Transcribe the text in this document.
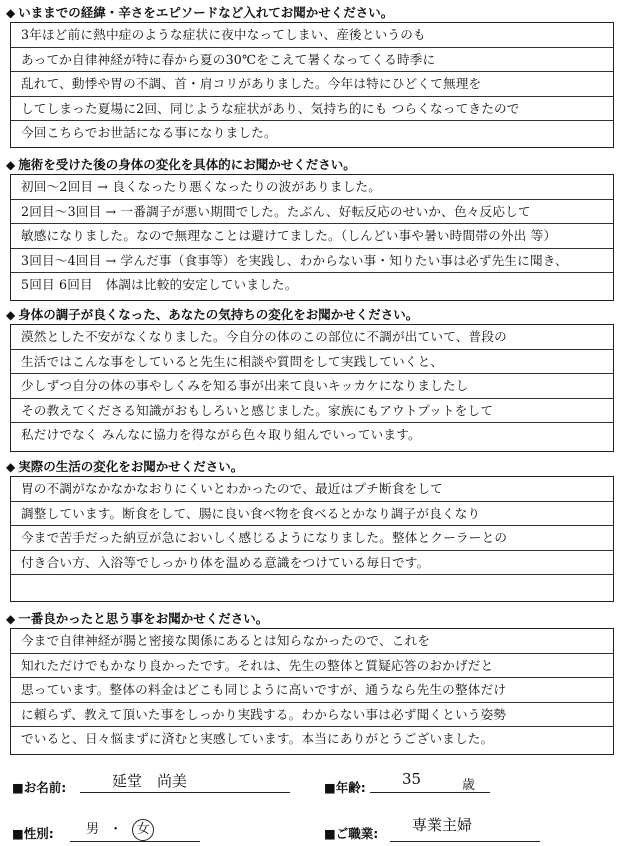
◆ いままでの経緯・辛さをエピソードなど入れてお聞かせください。
3年ほど前に熱中症のような症状に夜中なってしまい、産後というのも
あってか自律神経が特に春から夏の30℃をこえて暑くなってくる時季に
乱れて、動悸や胃の不調、首・肩コリがありました。今年は特にひどくて無理を
してしまった夏場に2回、同じような症状があり、気持ち的にも つらくなってきたので
今回こちらでお世話になる事になりました。
◆ 施術を受けた後の身体の変化を具体的にお聞かせください。
初回～2回目 → 良くなったり悪くなったりの波がありました。
2回目～3回目 → 一番調子が悪い期間でした。たぶん、好転反応のせいか、色々反応して
敏感になりました。なので無理なことは避けてました。（しんどい事や暑い時間帯の外出 等）
3回目～4回目 → 学んだ事（食事等）を実践し、わからない事・知りたい事は必ず先生に聞き、
5回目 6回目　体調は比較的安定していました。
◆ 身体の調子が良くなった、あなたの気持ちの変化をお聞かせください。
漠然とした不安がなくなりました。今自分の体のこの部位に不調が出ていて、普段の
生活ではこんな事をしていると先生に相談や質問をして実践していくと、
少しずつ自分の体の事やしくみを知る事が出来て良いキッカケになりましたし
その教えてくださる知識がおもしろいと感じました。家族にもアウトプットをして
私だけでなく みんなに協力を得ながら色々取り組んでいっています。
◆ 実際の生活の変化をお聞かせください。
胃の不調がなかなかなおりにくいとわかったので、最近はプチ断食をして
調整しています。断食をして、腸に良い食べ物を食べるとかなり調子が良くなり
今まで苦手だった納豆が急においしく感じるようになりました。整体とクーラーとの
付き合い方、入浴等でしっかり体を温める意識をつけている毎日です。
◆ 一番良かったと思う事をお聞かせください。
今まで自律神経が腸と密接な関係にあるとは知らなかったので、これを
知れただけでもかなり良かったです。それは、先生の整体と質疑応答のおかげだと
思っています。整体の料金はどこも同じように高いですが、通うなら先生の整体だけ
に頼らず、教えて頂いた事をしっかり実践する。わからない事は必ず聞くという姿勢
でいると、日々悩まずに済むと実感しています。本当にありがとうございました。
■お名前:	延堂　尚美	■年齢: 35	歳
■性別: 男 ・ 女	■ご職業: 専業主婦
